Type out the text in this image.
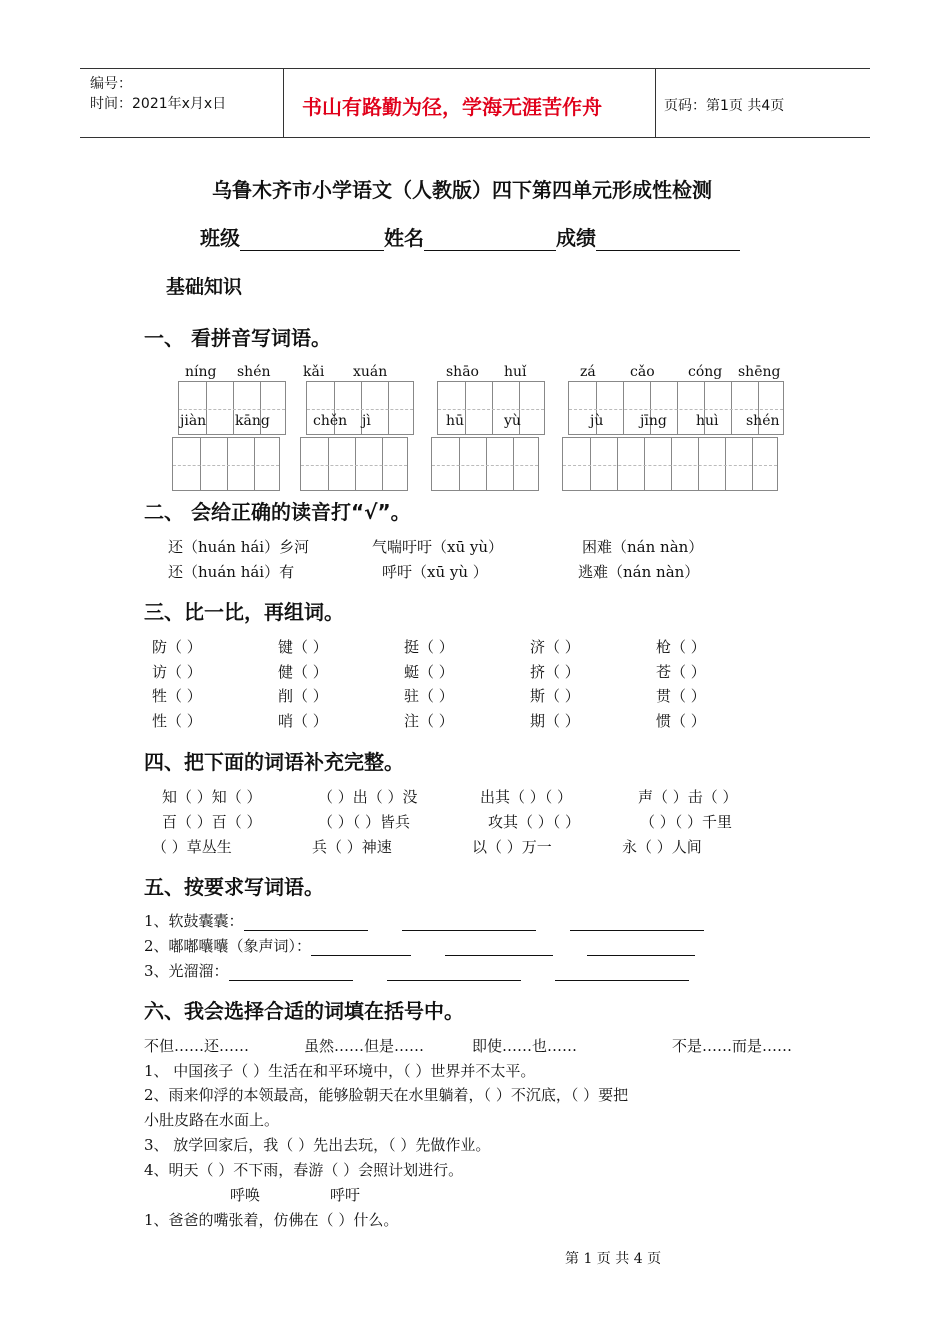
编号：
时间：2021年x月x日	书山有路勤为径，学海无涯苦作舟	页码：第1页 共4页
乌鲁木齐市小学语文（人教版）四下第四单元形成性检测
班级	姓名	成绩
基础知识
一、 看拼音写词语。
níng shén kǎi xuán	shāo huǐ	zá cǎo cóng shēng
jiàn kāng	chěn jì	hū	yù	jù	jīng huì shén
二、 会给正确的读音打“√”。
还（huán hái）乡河	气喘吁吁（xū yù）	困难（nán nàn）
还（huán hái）有	呼吁（xū yù ）	逃难（nán nàn）
三、比一比，再组词。
防（ ）	键（ ）	挺（ ）	济（ ）	枪（ ）
访（ ）	健（ ）	蜓（ ）	挤（ ）	苍（ ）
牲（ ）	削（ ）	驻（ ）	斯（ ）	贯（ ）
性（ ）	哨（ ）	注（ ）	期（ ）	惯（ ）
四、把下面的词语补充完整。
知（ ）知（ ）	（ ）出（ ）没	出其（ ）（ ）	声（ ）击（ ）
百（ ）百（ ）	（ ）（ ）皆兵	攻其（ ）（ ）	（ ）（ ）千里
（ ）草丛生	兵（ ）神速	以（ ）万一	永（ ）人间
五、按要求写词语。
1、软鼓囊囊：
2、嘟嘟囔囔（象声词）：
3、光溜溜：
六、我会选择合适的词填在括号中。
不但……还……	虽然……但是……	即使……也……	不是……而是……
1、 中国孩子（ ）生活在和平环境中，（ ）世界并不太平。
2、雨来仰浮的本领最高，能够脸朝天在水里躺着，（ ）不沉底，（ ）要把
小肚皮路在水面上。
3、 放学回家后，我（ ）先出去玩，（ ）先做作业。
4、明天（ ）不下雨，春游（ ）会照计划进行。
呼唤	呼吁
1、爸爸的嘴张着，仿佛在（ ）什么。
第 1 页 共 4 页
